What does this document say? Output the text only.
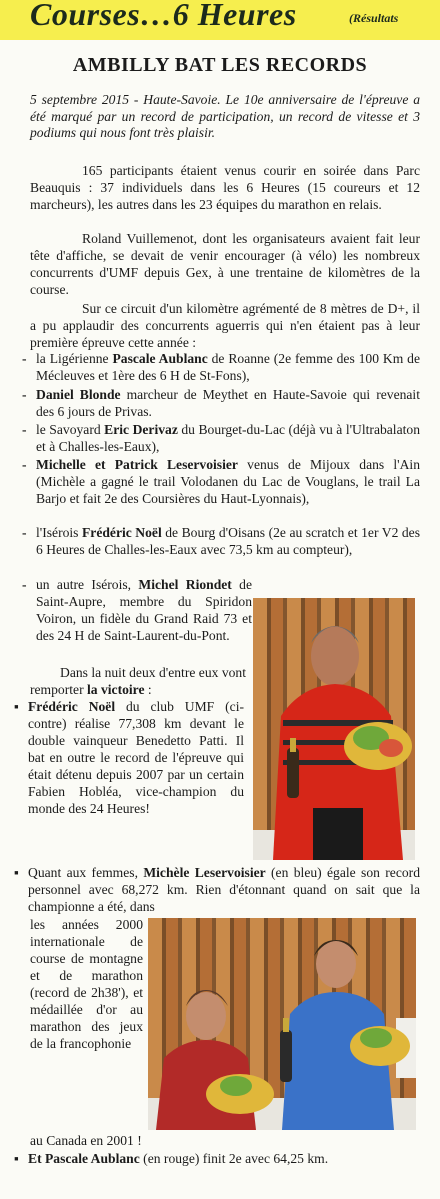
Courses…6 Heures	(Résultats
AMBILLY BAT LES RECORDS
5 septembre 2015 - Haute-Savoie. Le 10e anniversaire de l'épreuve a été marqué par un record de participation, un record de vitesse et 3 podiums qui nous font très plaisir.
165 participants étaient venus courir en soirée dans Parc Beauquis : 37 individuels dans les 6 Heures (15 coureurs et 12 marcheurs), les autres dans les 23 équipes du marathon en relais.
Roland Vuillemenot, dont les organisateurs avaient fait leur tête d'affiche, se devait de venir encourager (à vélo) les nombreux concurrents d'UMF depuis Gex, à une trentaine de kilomètres de la course.
Sur ce circuit d'un kilomètre agrémenté de 8 mètres de D+, il a pu applaudir des concurrents aguerris qui n'en étaient pas à leur première épreuve cette année :
- la Ligérienne Pascale Aublanc de Roanne (2e femme des 100 Km de Mécleuves et 1ère des 6 H de St-Fons),
- Daniel Blonde marcheur de Meythet en Haute-Savoie qui revenait des 6 jours de Privas.
- le Savoyard Eric Derivaz du Bourget-du-Lac (déjà vu à l'Ultrabalaton et à Challes-les-Eaux),
- Michelle et Patrick Leservoisier venus de Mijoux dans l'Ain (Michèle a gagné le trail Volodanen du Lac de Vouglans, le trail La Barjo et fait 2e des Coursières du Haut-Lyonnais),
- l'Isérois Frédéric Noël de Bourg d'Oisans (2e au scratch et 1er V2 des 6 Heures de Challes-les-Eaux avec 73,5 km au compteur),
- un autre Isérois, Michel Riondet de Saint-Aupre, membre du Spiridon Voiron, un fidèle du Grand Raid 73 et des 24 H de Saint-Laurent-du-Pont.
Dans la nuit deux d'entre eux vont remporter la victoire :
▪ Frédéric Noël du club UMF (ci-contre) réalise 77,308 km devant le double vainqueur Benedetto Patti. Il bat en outre le record de l'épreuve qui était détenu depuis 2007 par un certain Fabien Hobléa, vice-champion du monde des 24 Heures!
▪ Quant aux femmes, Michèle Leservoisier (en bleu) égale son record personnel avec 68,272 km. Rien d'étonnant quand on sait que la championne a été, dans
les années 2000 internationale de course de montagne et de marathon (record de 2h38'), et médaillée d'or au marathon des jeux de la francophonie
au Canada en 2001 !
▪ Et Pascale Aublanc (en rouge) finit 2e avec 64,25 km.
